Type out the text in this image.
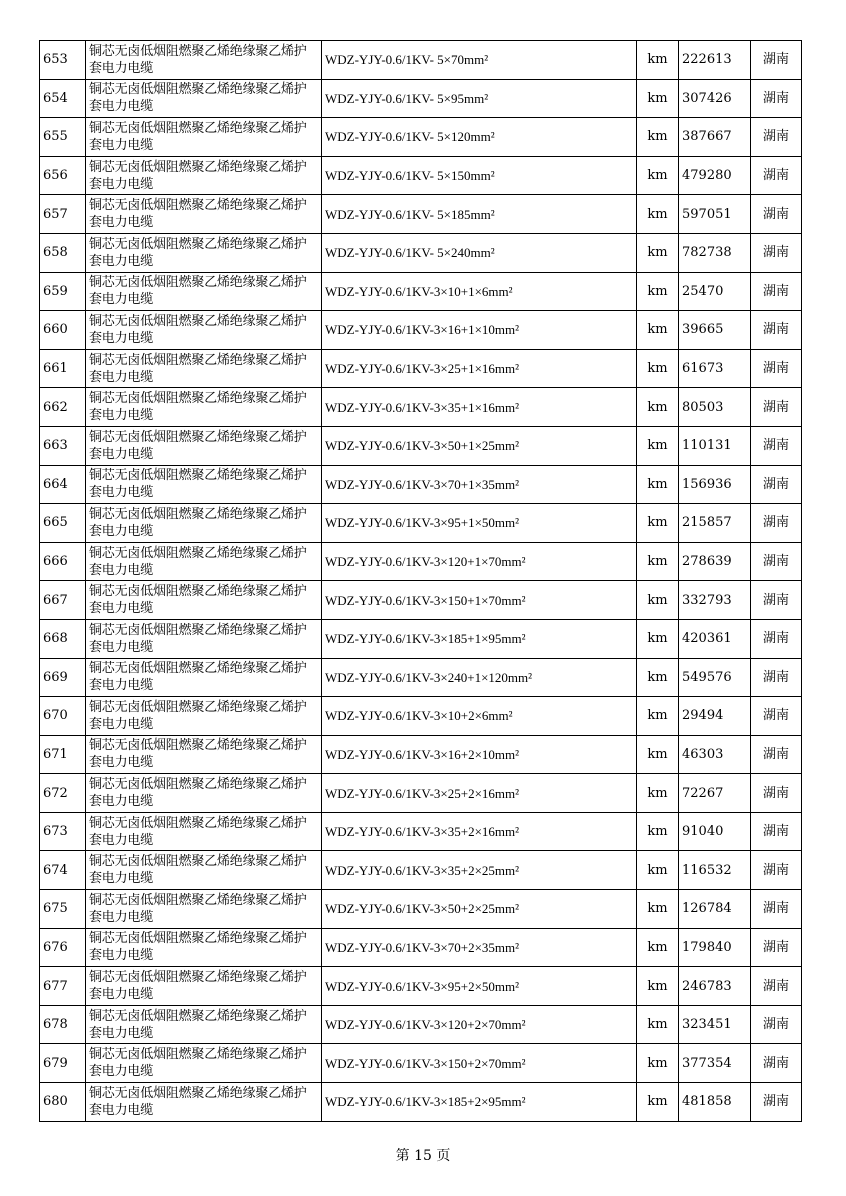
653	铜芯无卤低烟阻燃聚乙烯绝缘聚乙烯护套电力电缆	WDZ-YJY-0.6/1KV- 5×70mm²	km	222613	湖南
654	铜芯无卤低烟阻燃聚乙烯绝缘聚乙烯护套电力电缆	WDZ-YJY-0.6/1KV- 5×95mm²	km	307426	湖南
655	铜芯无卤低烟阻燃聚乙烯绝缘聚乙烯护套电力电缆	WDZ-YJY-0.6/1KV- 5×120mm²	km	387667	湖南
656	铜芯无卤低烟阻燃聚乙烯绝缘聚乙烯护套电力电缆	WDZ-YJY-0.6/1KV- 5×150mm²	km	479280	湖南
657	铜芯无卤低烟阻燃聚乙烯绝缘聚乙烯护套电力电缆	WDZ-YJY-0.6/1KV- 5×185mm²	km	597051	湖南
658	铜芯无卤低烟阻燃聚乙烯绝缘聚乙烯护套电力电缆	WDZ-YJY-0.6/1KV- 5×240mm²	km	782738	湖南
659	铜芯无卤低烟阻燃聚乙烯绝缘聚乙烯护套电力电缆	WDZ-YJY-0.6/1KV-3×10+1×6mm²	km	25470	湖南
660	铜芯无卤低烟阻燃聚乙烯绝缘聚乙烯护套电力电缆	WDZ-YJY-0.6/1KV-3×16+1×10mm²	km	39665	湖南
661	铜芯无卤低烟阻燃聚乙烯绝缘聚乙烯护套电力电缆	WDZ-YJY-0.6/1KV-3×25+1×16mm²	km	61673	湖南
662	铜芯无卤低烟阻燃聚乙烯绝缘聚乙烯护套电力电缆	WDZ-YJY-0.6/1KV-3×35+1×16mm²	km	80503	湖南
663	铜芯无卤低烟阻燃聚乙烯绝缘聚乙烯护套电力电缆	WDZ-YJY-0.6/1KV-3×50+1×25mm²	km	110131	湖南
664	铜芯无卤低烟阻燃聚乙烯绝缘聚乙烯护套电力电缆	WDZ-YJY-0.6/1KV-3×70+1×35mm²	km	156936	湖南
665	铜芯无卤低烟阻燃聚乙烯绝缘聚乙烯护套电力电缆	WDZ-YJY-0.6/1KV-3×95+1×50mm²	km	215857	湖南
666	铜芯无卤低烟阻燃聚乙烯绝缘聚乙烯护套电力电缆	WDZ-YJY-0.6/1KV-3×120+1×70mm²	km	278639	湖南
667	铜芯无卤低烟阻燃聚乙烯绝缘聚乙烯护套电力电缆	WDZ-YJY-0.6/1KV-3×150+1×70mm²	km	332793	湖南
668	铜芯无卤低烟阻燃聚乙烯绝缘聚乙烯护套电力电缆	WDZ-YJY-0.6/1KV-3×185+1×95mm²	km	420361	湖南
669	铜芯无卤低烟阻燃聚乙烯绝缘聚乙烯护套电力电缆	WDZ-YJY-0.6/1KV-3×240+1×120mm²	km	549576	湖南
670	铜芯无卤低烟阻燃聚乙烯绝缘聚乙烯护套电力电缆	WDZ-YJY-0.6/1KV-3×10+2×6mm²	km	29494	湖南
671	铜芯无卤低烟阻燃聚乙烯绝缘聚乙烯护套电力电缆	WDZ-YJY-0.6/1KV-3×16+2×10mm²	km	46303	湖南
672	铜芯无卤低烟阻燃聚乙烯绝缘聚乙烯护套电力电缆	WDZ-YJY-0.6/1KV-3×25+2×16mm²	km	72267	湖南
673	铜芯无卤低烟阻燃聚乙烯绝缘聚乙烯护套电力电缆	WDZ-YJY-0.6/1KV-3×35+2×16mm²	km	91040	湖南
674	铜芯无卤低烟阻燃聚乙烯绝缘聚乙烯护套电力电缆	WDZ-YJY-0.6/1KV-3×35+2×25mm²	km	116532	湖南
675	铜芯无卤低烟阻燃聚乙烯绝缘聚乙烯护套电力电缆	WDZ-YJY-0.6/1KV-3×50+2×25mm²	km	126784	湖南
676	铜芯无卤低烟阻燃聚乙烯绝缘聚乙烯护套电力电缆	WDZ-YJY-0.6/1KV-3×70+2×35mm²	km	179840	湖南
677	铜芯无卤低烟阻燃聚乙烯绝缘聚乙烯护套电力电缆	WDZ-YJY-0.6/1KV-3×95+2×50mm²	km	246783	湖南
678	铜芯无卤低烟阻燃聚乙烯绝缘聚乙烯护套电力电缆	WDZ-YJY-0.6/1KV-3×120+2×70mm²	km	323451	湖南
679	铜芯无卤低烟阻燃聚乙烯绝缘聚乙烯护套电力电缆	WDZ-YJY-0.6/1KV-3×150+2×70mm²	km	377354	湖南
680	铜芯无卤低烟阻燃聚乙烯绝缘聚乙烯护套电力电缆	WDZ-YJY-0.6/1KV-3×185+2×95mm²	km	481858	湖南
第 15 页
